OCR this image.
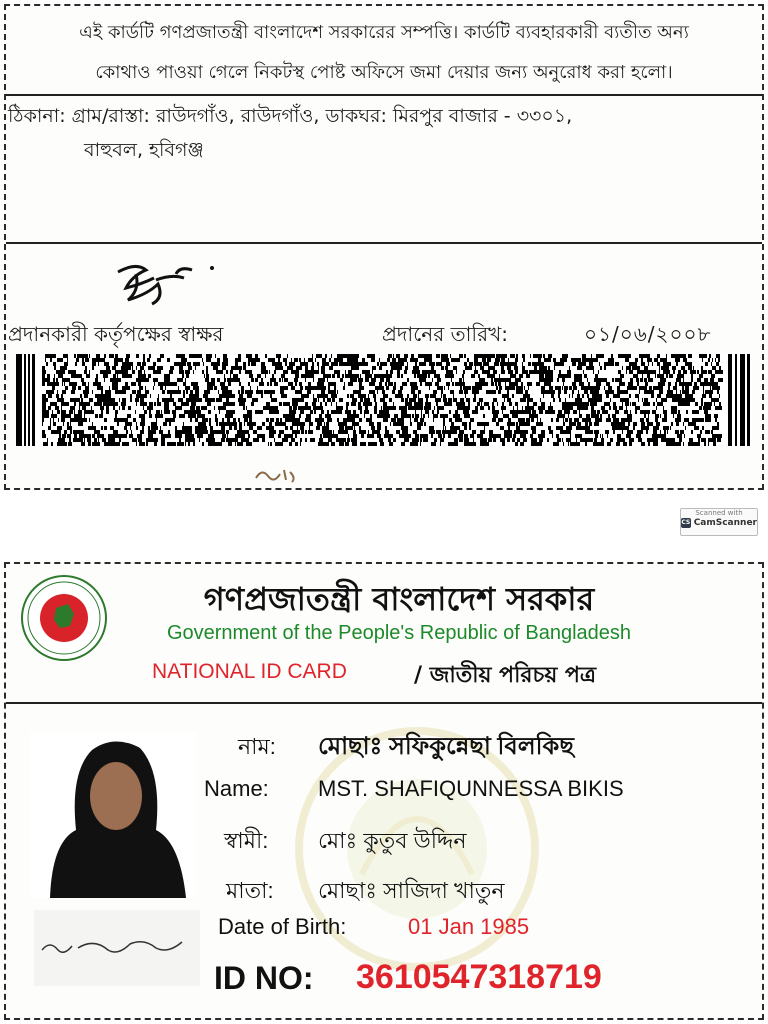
এই কার্ডটি গণপ্রজাতন্ত্রী বাংলাদেশ সরকারের সম্পত্তি। কার্ডটি ব্যবহারকারী ব্যতীত অন্য
কোথাও পাওয়া গেলে নিকটস্থ পোষ্ট অফিসে জমা দেয়ার জন্য অনুরোধ করা হলো।
ঠিকানা: গ্রাম/রাস্তা: রাউদগাঁও, রাউদগাঁও, ডাকঘর: মিরপুর বাজার - ৩৩০১,
বাহুবল, হবিগঞ্জ
প্রদানকারী কর্তৃপক্ষের স্বাক্ষর	প্রদানের তারিখ:	০১/০৬/২০০৮
Scanned with
CS CamScanner
গণপ্রজাতন্ত্রী বাংলাদেশ সরকার
Government of the People's Republic of Bangladesh
NATIONAL ID CARD	/ জাতীয় পরিচয় পত্র
নাম: মোছাঃ সফিকুন্নেছা বিলকিছ
Name: MST. SHAFIQUNNESSA BIKIS
স্বামী: মোঃ কুতুব উদ্দিন
মাতা: মোছাঃ সাজিদা খাতুন
Date of Birth:	01 Jan 1985
ID NO: 3610547318719
